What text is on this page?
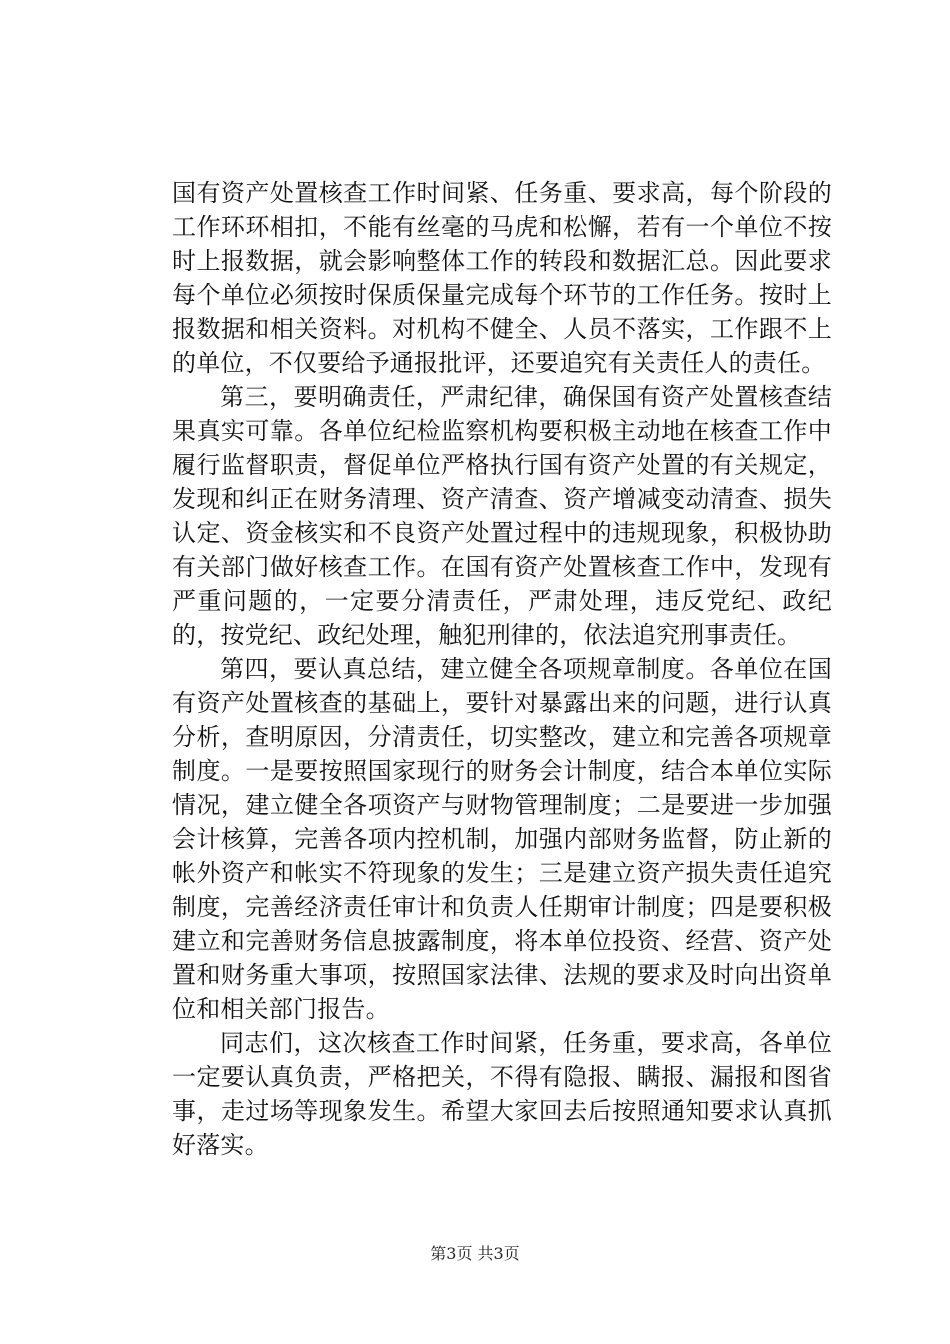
国有资产处置核查工作时间紧、任务重、要求高，每个阶段的工作环环相扣，不能有丝毫的马虎和松懈，若有一个单位不按时上报数据，就会影响整体工作的转段和数据汇总。因此要求每个单位必须按时保质保量完成每个环节的工作任务。按时上报数据和相关资料。对机构不健全、人员不落实，工作跟不上的单位，不仅要给予通报批评，还要追究有关责任人的责任。

第三，要明确责任，严肃纪律，确保国有资产处置核查结果真实可靠。各单位纪检监察机构要积极主动地在核查工作中履行监督职责，督促单位严格执行国有资产处置的有关规定，发现和纠正在财务清理、资产清查、资产增减变动清查、损失认定、资金核实和不良资产处置过程中的违规现象，积极协助有关部门做好核查工作。在国有资产处置核查工作中，发现有严重问题的，一定要分清责任，严肃处理，违反党纪、政纪的，按党纪、政纪处理，触犯刑律的，依法追究刑事责任。

第四，要认真总结，建立健全各项规章制度。各单位在国有资产处置核查的基础上，要针对暴露出来的问题，进行认真分析，查明原因，分清责任，切实整改，建立和完善各项规章制度。一是要按照国家现行的财务会计制度，结合本单位实际情况，建立健全各项资产与财物管理制度；二是要进一步加强会计核算，完善各项内控机制，加强内部财务监督，防止新的帐外资产和帐实不符现象的发生；三是建立资产损失责任追究制度，完善经济责任审计和负责人任期审计制度；四是要积极建立和完善财务信息披露制度，将本单位投资、经营、资产处置和财务重大事项，按照国家法律、法规的要求及时向出资单位和相关部门报告。

同志们，这次核查工作时间紧，任务重，要求高，各单位一定要认真负责，严格把关，不得有隐报、瞒报、漏报和图省事，走过场等现象发生。希望大家回去后按照通知要求认真抓好落实。

第3页 共3页
